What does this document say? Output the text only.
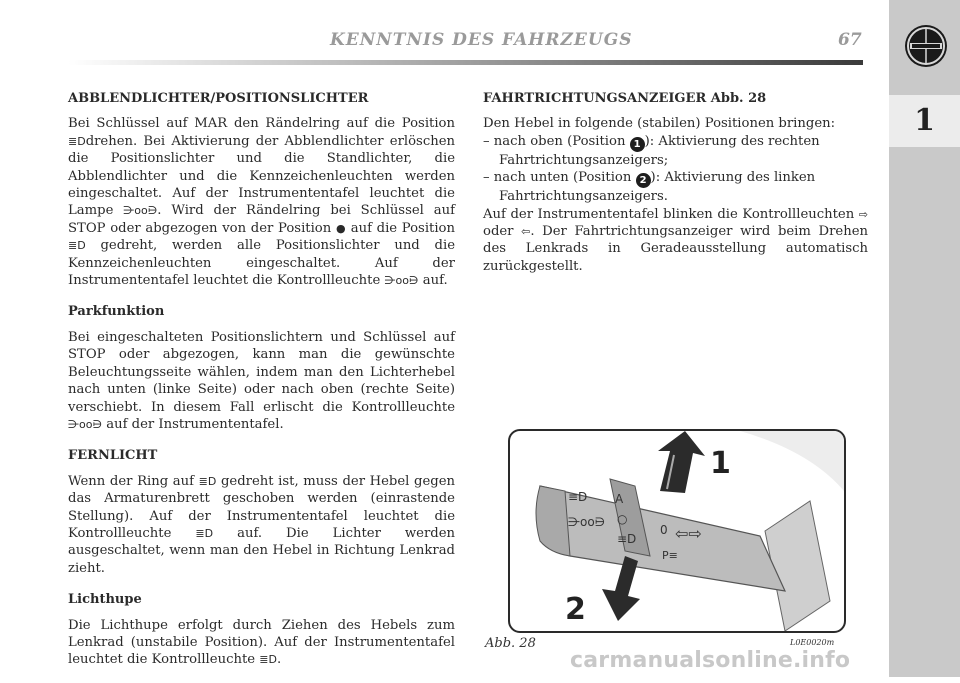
1
KENNTNIS DES FAHRZEUGS	67

ABBLENDLICHTER/POSITIONSLICHTER

Bei Schlüssel auf MAR den Rändelring auf die Position ≣Ddrehen. Bei Aktivierung der Abblendlichter erlöschen die Positionslichter und die Standlichter, die Abblendlichter und die Kennzeichenleuchten werden eingeschaltet. Auf der Instrumententafel leuchtet die Lampe ⋺oo⋻. Wird der Rändelring bei Schlüssel auf STOP oder abgezogen von der Position ● auf die Position ≣D gedreht, werden alle Positionslichter und die Kennzeichenleuchten eingeschaltet. Auf der Instrumententafel leuchtet die Kontrollleuchte ⋺oo⋻ auf.

Parkfunktion

Bei eingeschalteten Positionslichtern und Schlüssel auf STOP oder abgezogen, kann man die gewünschte Beleuchtungsseite wählen, indem man den Lichterhebel nach unten (linke Seite) oder nach oben (rechte Seite) verschiebt. In diesem Fall erlischt die Kontrollleuchte ⋺oo⋻ auf der Instrumententafel.

FERNLICHT

Wenn der Ring auf ≣D gedreht ist, muss der Hebel gegen das Armaturenbrett geschoben werden (einrastende Stellung). Auf der Instrumententafel leuchtet die Kontrollleuchte ≣D auf. Die Lichter werden ausgeschaltet, wenn man den Hebel in Richtung Lenkrad zieht.

Lichthupe

Die Lichthupe erfolgt durch Ziehen des Hebels zum Lenkrad (unstabile Position). Auf der Instrumententafel leuchtet die Kontrollleuchte ≣D.

FAHRTRICHTUNGSANZEIGER Abb. 28

Den Hebel in folgende (stabilen) Positionen bringen:

– nach oben (Position 1 ): Aktivierung des rechten Fahrtrichtungsanzeigers;

– nach unten (Position 2 ): Aktivierung des linken Fahrtrichtungsanzeigers.

Auf der Instrumententafel blinken die Kontrollleuchten ⇨ oder ⇦. Der Fahrtrichtungsanzeiger wird beim Drehen des Lenkrads in Geradeausstellung automatisch zurückgestellt.

≡D
⋺oo⋻
A
○
≡D
0 ⇦⇨
P≡
1
2
Abb. 28	L0E0020m
carmanualsonline.info
